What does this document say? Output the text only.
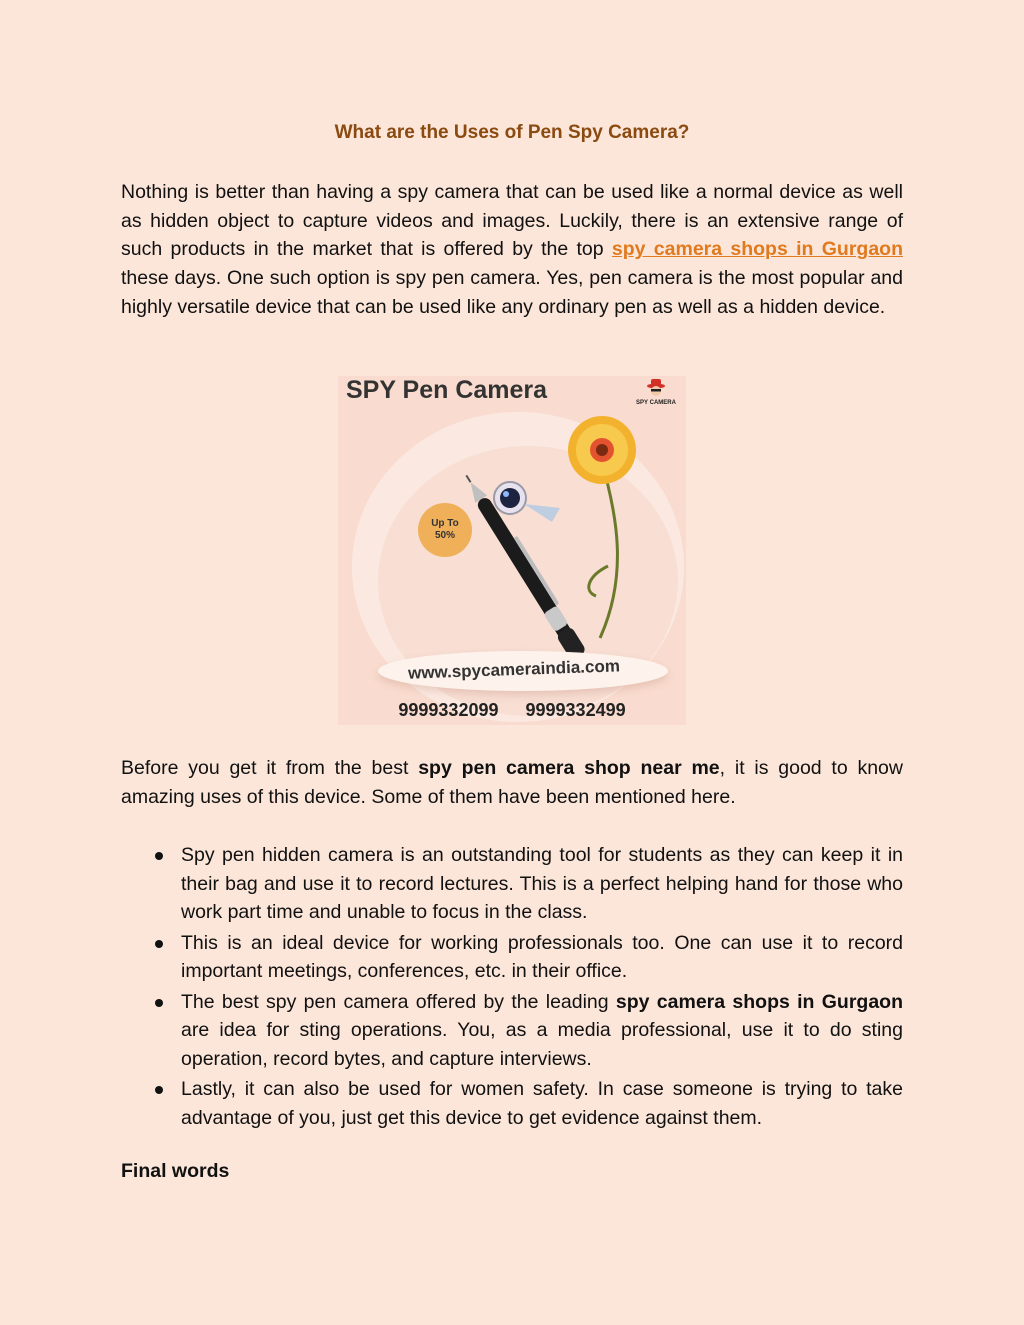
What are the Uses of Pen Spy Camera?

Nothing is better than having a spy camera that can be used like a normal device as well as hidden object to capture videos and images. Luckily, there is an extensive range of such products in the market that is offered by the top spy camera shops in Gurgaon these days. One such option is spy pen camera. Yes, pen camera is the most popular and highly versatile device that can be used like any ordinary pen as well as a hidden device.

SPY Pen Camera	SPY CAMERA
Up To
50%
www.spycameraindia.com
9999332099 9999332499

Before you get it from the best spy pen camera shop near me, it is good to know amazing uses of this device. Some of them have been mentioned here.

Spy pen hidden camera is an outstanding tool for students as they can keep it in their bag and use it to record lectures. This is a perfect helping hand for those who work part time and unable to focus in the class.
This is an ideal device for working professionals too. One can use it to record important meetings, conferences, etc. in their office.
The best spy pen camera offered by the leading spy camera shops in Gurgaon are idea for sting operations. You, as a media professional, use it to do sting operation, record bytes, and capture interviews.
Lastly, it can also be used for women safety. In case someone is trying to take advantage of you, just get this device to get evidence against them.
Final words
